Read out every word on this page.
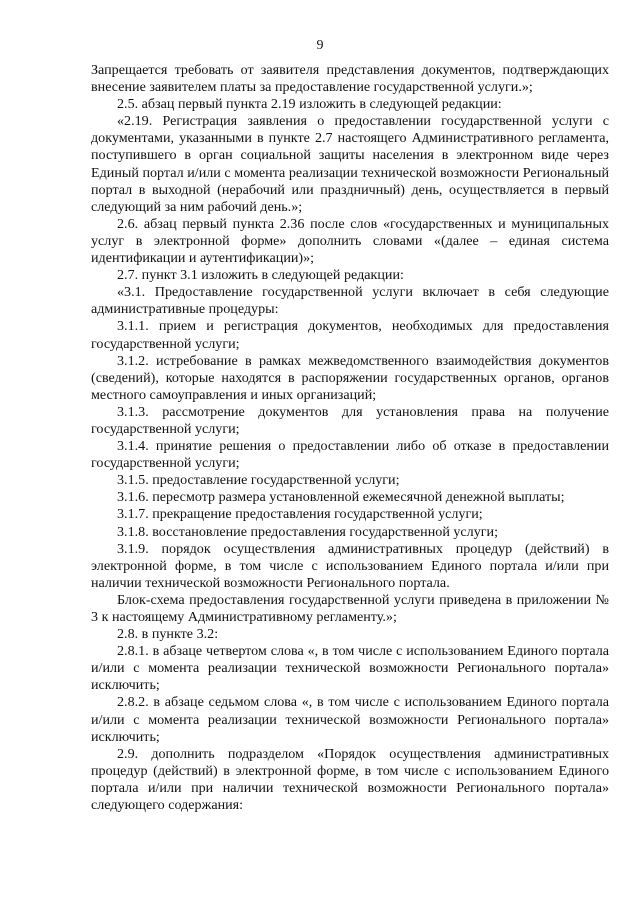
9

Запрещается требовать от заявителя представления документов, подтверждающих внесение заявителем платы за предоставление государственной услуги.»;

2.5. абзац первый пункта 2.19 изложить в следующей редакции:

«2.19. Регистрация заявления о предоставлении государственной услуги с документами, указанными в пункте 2.7 настоящего Административного регламента, поступившего в орган социальной защиты населения в электронном виде через Единый портал и/или с момента реализации технической возможности Региональный портал в выходной (нерабочий или праздничный) день, осуществляется в первый следующий за ним рабочий день.»;

2.6. абзац первый пункта 2.36 после слов «государственных и муниципальных услуг в электронной форме» дополнить словами «(далее – единая система идентификации и аутентификации)»;

2.7. пункт 3.1 изложить в следующей редакции:

«3.1. Предоставление государственной услуги включает в себя следующие административные процедуры:

3.1.1. прием и регистрация документов, необходимых для предоставления государственной услуги;

3.1.2. истребование в рамках межведомственного взаимодействия документов (сведений), которые находятся в распоряжении государственных органов, органов местного самоуправления и иных организаций;

3.1.3. рассмотрение документов для установления права на получение государственной услуги;

3.1.4. принятие решения о предоставлении либо об отказе в предоставлении государственной услуги;

3.1.5. предоставление государственной услуги;

3.1.6. пересмотр размера установленной ежемесячной денежной выплаты;

3.1.7. прекращение предоставления государственной услуги;

3.1.8. восстановление предоставления государственной услуги;

3.1.9. порядок осуществления административных процедур (действий) в электронной форме, в том числе с использованием Единого портала и/или при наличии технической возможности Регионального портала.

Блок-схема предоставления государственной услуги приведена в приложении № 3 к настоящему Административному регламенту.»;

2.8. в пункте 3.2:

2.8.1. в абзаце четвертом слова «, в том числе с использованием Единого портала и/или с момента реализации технической возможности Регионального портала» исключить;

2.8.2. в абзаце седьмом слова «, в том числе с использованием Единого портала и/или с момента реализации технической возможности Регионального портала» исключить;

2.9. дополнить подразделом «Порядок осуществления административных процедур (действий) в электронной форме, в том числе с использованием Единого портала и/или при наличии технической возможности Регионального портала» следующего содержания:
